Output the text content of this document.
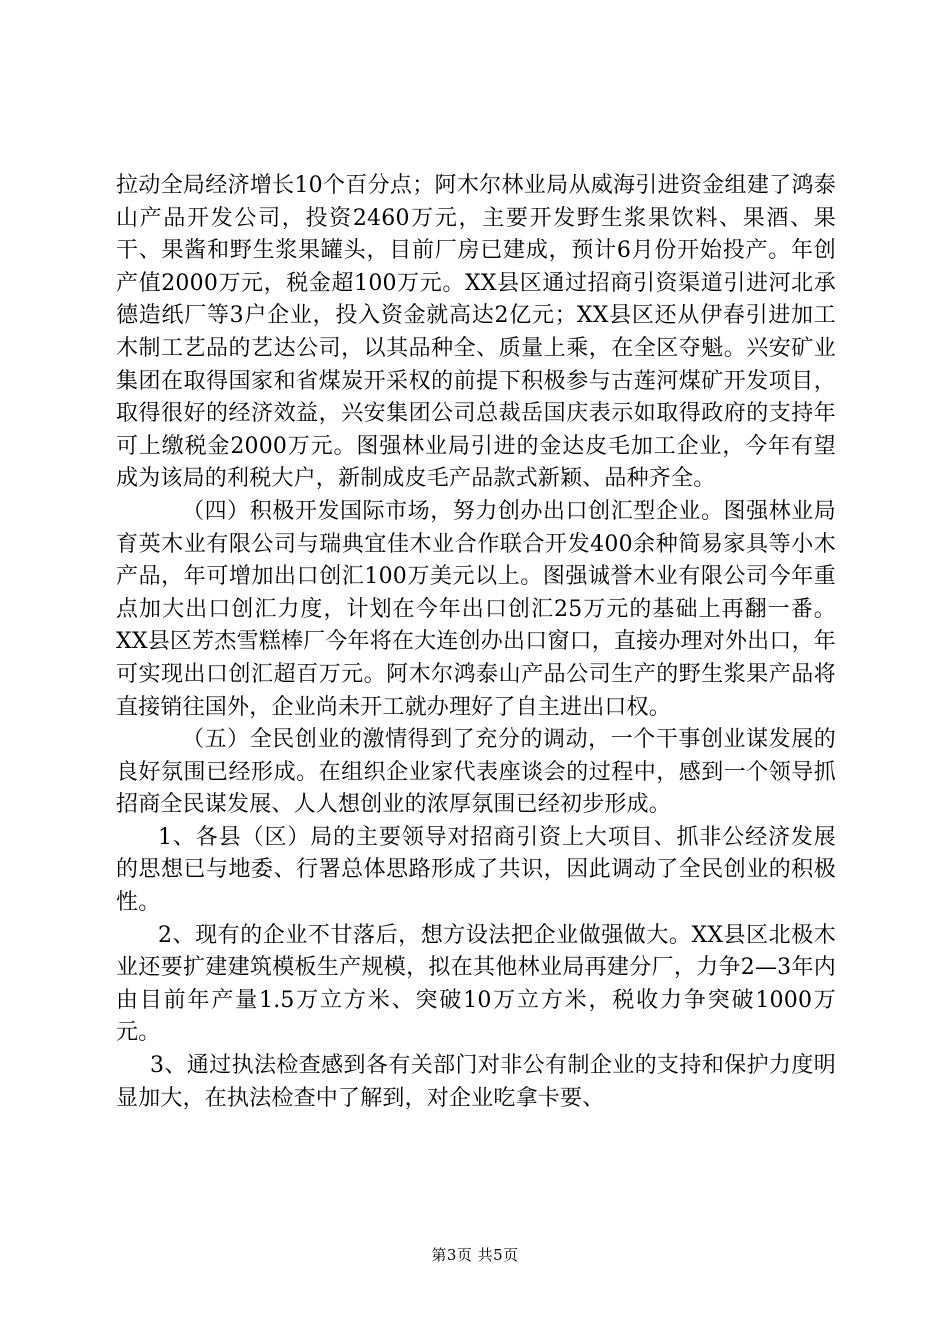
拉动全局经济增长10个百分点；阿木尔林业局从威海引进资金组建了鸿泰山产品开发公司，投资2460万元，主要开发野生浆果饮料、果酒、果干、果酱和野生浆果罐头，目前厂房已建成，预计6月份开始投产。年创产值2000万元，税金超100万元。XX县区通过招商引资渠道引进河北承德造纸厂等3户企业，投入资金就高达2亿元；XX县区还从伊春引进加工木制工艺品的艺达公司，以其品种全、质量上乘，在全区夺魁。兴安矿业集团在取得国家和省煤炭开采权的前提下积极参与古莲河煤矿开发项目，取得很好的经济效益，兴安集团公司总裁岳国庆表示如取得政府的支持年可上缴税金2000万元。图强林业局引进的金达皮毛加工企业，今年有望成为该局的利税大户，新制成皮毛产品款式新颖、品种齐全。

（四）积极开发国际市场，努力创办出口创汇型企业。图强林业局育英木业有限公司与瑞典宜佳木业合作联合开发400余种简易家具等小木产品，年可增加出口创汇100万美元以上。图强诚誉木业有限公司今年重点加大出口创汇力度，计划在今年出口创汇25万元的基础上再翻一番。XX县区芳杰雪糕棒厂今年将在大连创办出口窗口，直接办理对外出口，年可实现出口创汇超百万元。阿木尔鸿泰山产品公司生产的野生浆果产品将直接销往国外，企业尚未开工就办理好了自主进出口权。

（五）全民创业的激情得到了充分的调动，一个干事创业谋发展的良好氛围已经形成。在组织企业家代表座谈会的过程中，感到一个领导抓招商全民谋发展、人人想创业的浓厚氛围已经初步形成。

1、各县（区）局的主要领导对招商引资上大项目、抓非公经济发展的思想已与地委、行署总体思路形成了共识，因此调动了全民创业的积极性。

2、现有的企业不甘落后，想方设法把企业做强做大。XX县区北极木业还要扩建建筑模板生产规模，拟在其他林业局再建分厂，力争2—3年内由目前年产量1.5万立方米、突破10万立方米，税收力争突破1000万元。

3、通过执法检查感到各有关部门对非公有制企业的支持和保护力度明显加大，在执法检查中了解到，对企业吃拿卡要、

第3页 共5页
